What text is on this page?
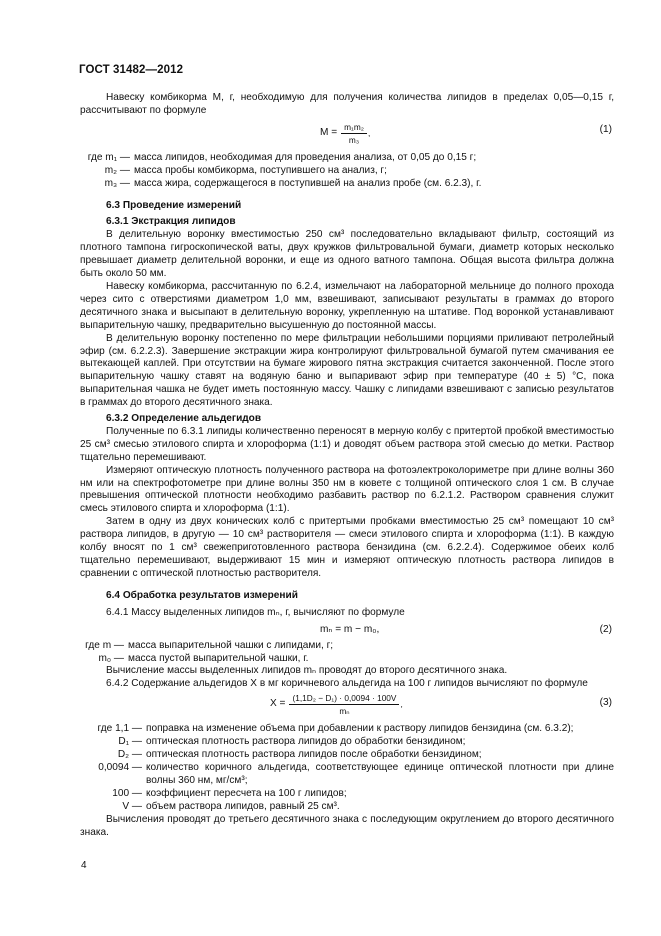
ГОСТ 31482—2012

Навеску комбикорма М, г, необходимую для получения количества липидов в пределах 0,05—0,15 г, рассчитывают по формуле

$M = \frac{\text{m₁m₂}}{\text{m₃}}$ ,	(1)
где m₁ — масса липидов, необходимая для проведения анализа, от 0,05 до 0,15 г;
m₂ — масса пробы комбикорма, поступившего на анализ, г;
m₃ — масса жира, содержащегося в поступившей на анализ пробе (см. 6.2.3), г.

6.3 Проведение измерений

6.3.1 Экстракция липидов

В делительную воронку вместимостью 250 см³ последовательно вкладывают фильтр, состоящий из плотного тампона гигроскопической ваты, двух кружков фильтровальной бумаги, диаметр которых несколько превышает диаметр делительной воронки, и еще из одного ватного тампона. Общая высота фильтра должна быть около 50 мм.

Навеску комбикорма, рассчитанную по 6.2.4, измельчают на лабораторной мельнице до полного прохода через сито с отверстиями диаметром 1,0 мм, взвешивают, записывают результаты в граммах до второго десятичного знака и высыпают в делительную воронку, укрепленную на штативе. Под воронкой устанавливают выпарительную чашку, предварительно высушенную до постоянной массы.

В делительную воронку постепенно по мере фильтрации небольшими порциями приливают петролейный эфир (см. 6.2.2.3). Завершение экстракции жира контролируют фильтровальной бумагой путем смачивания ее вытекающей каплей. При отсутствии на бумаге жирового пятна экстракция считается законченной. После этого выпарительную чашку ставят на водяную баню и выпаривают эфир при температуре (40 ± 5) °С, пока выпарительная чашка не будет иметь постоянную массу. Чашку с липидами взвешивают с записью результатов в граммах до второго десятичного знака.

6.3.2 Определение альдегидов

Полученные по 6.3.1 липиды количественно переносят в мерную колбу с притертой пробкой вместимостью 25 см³ смесью этилового спирта и хлороформа (1:1) и доводят объем раствора этой смесью до метки. Раствор тщательно перемешивают.

Измеряют оптическую плотность полученного раствора на фотоэлектроколориметре при длине волны 360 нм или на спектрофотометре при длине волны 350 нм в кювете с толщиной оптического слоя 1 см. В случае превышения оптической плотности необходимо разбавить раствор по 6.2.1.2. Раствором сравнения служит смесь этилового спирта и хлороформа (1:1).

Затем в одну из двух конических колб с притертыми пробками вместимостью 25 см³ помещают 10 см³ раствора липидов, в другую — 10 см³ растворителя — смеси этилового спирта и хлороформа (1:1). В каждую колбу вносят по 1 см³ свежеприготовленного раствора бензидина (см. 6.2.2.4). Содержимое обеих колб тщательно перемешивают, выдерживают 15 мин и измеряют оптическую плотность раствора липидов в сравнении с оптической плотностью растворителя.

6.4 Обработка результатов измерений

6.4.1 Массу выделенных липидов mₙ, г, вычисляют по формуле

mₙ = m − m₀,	(2)
где m — масса выпарительной чашки с липидами, г;
m₀ — масса пустой выпарительной чашки, г.

Вычисление массы выделенных липидов mₙ проводят до второго десятичного знака.

6.4.2 Содержание альдегидов X в мг коричневого альдегида на 100 г липидов вычисляют по формуле

$X = \frac{\text{(1,1D₂ − D₁) · 0,0094 · 100V}}{\text{mₙ}}$ ,	(3)
где 1,1 — поправка на изменение объема при добавлении к раствору липидов бензидина (см. 6.3.2);
D₁ — оптическая плотность раствора липидов до обработки бензидином;
D₂ — оптическая плотность раствора липидов после обработки бензидином;
0,0094 — количество коричного альдегида, соответствующее единице оптической плотности при длине волны 360 нм, мг/см³;
100 — коэффициент пересчета на 100 г липидов;
V — объем раствора липидов, равный 25 см³.

Вычисления проводят до третьего десятичного знака с последующим округлением до второго десятичного знака.

4
